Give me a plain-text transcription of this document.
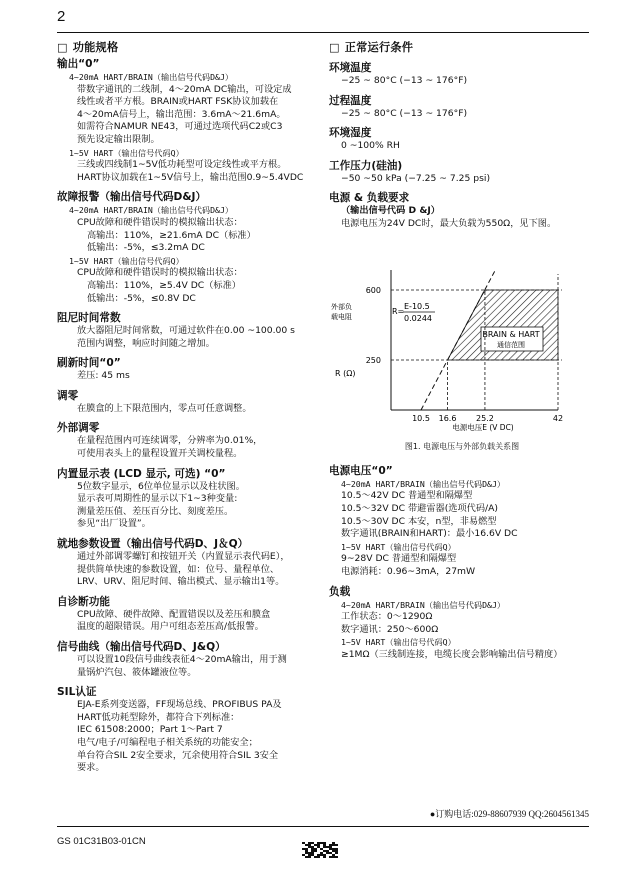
2
□ 功能规格
输出“0”
4~20mA HART/BRAIN（输出信号代码D&J）
带数字通讯的二线制，4～20mA DC输出，可设定成
线性或者平方根。BRAIN或HART FSK协议加载在
4～20mA信号上，输出范围：3.6mA～21.6mA。
如需符合NAMUR NE43，可通过选项代码C2或C3
预先设定输出限制。
1~5V HART（输出信号代码Q）
三线或四线制1~5V低功耗型可设定线性或平方根。
HART协议加载在1~5V信号上，输出范围0.9~5.4VDC
故障报警（输出信号代码D&J）
4~20mA HART/BRAIN（输出信号代码D&J）
CPU故障和硬件错误时的模拟输出状态：
高输出：110%，≥21.6mA DC（标准）
低输出：-5%，≤3.2mA DC
1~5V HART（输出信号代码Q）
CPU故障和硬件错误时的模拟输出状态：
高输出：110%，≥5.4V DC（标准）
低输出：-5%，≤0.8V DC
阻尼时间常数
放大器阻尼时间常数，可通过软件在0.00 ~100.00 s
范围内调整，响应时间随之增加。
刷新时间“0”
差压: 45 ms
调零
在膜盒的上下限范围内，零点可任意调整。
外部调零
在量程范围内可连续调零，分辨率为0.01%，
可使用表头上的量程设置开关调校量程。
内置显示表 (LCD 显示, 可选) “0”
5位数字显示，6位单位显示以及柱状图。
显示表可周期性的显示以下1~3种变量:
测量差压值、差压百分比、刻度差压。
参见“出厂设置”。
就地参数设置（输出信号代码D、J＆Q）
通过外部调零螺钉和按钮开关（内置显示表代码E），
提供简单快速的参数设置，如：位号、量程单位、
LRV、URV、阻尼时间、输出模式、显示输出1等。
自诊断功能
CPU故障、硬件故障、配置错误以及差压和膜盒
温度的超限错误。用户可组态差压高/低报警。
信号曲线（输出信号代码D、J&Q）
可以设置10段信号曲线表征4～20mA输出，用于测
量锅炉汽包、筱体罐液位等。
SIL认证
EJA-E系列变送器，FF现场总线、PROFIBUS PA及
HART低功耗型除外，都符合下列标准：
IEC 61508:2000；Part 1～Part 7
电气/电子/可编程电子相关系统的功能安全；
单台符合SIL 2安全要求，冗余使用符合SIL 3安全
要求。
□ 正常运行条件
环境温度
−25 ~ 80°C (−13 ~ 176°F)
过程温度
−25 ~ 80°C (−13 ~ 176°F)
环境湿度
0 ~100% RH
工作压力(硅油)
−50 ~50 kPa (−7.25 ~ 7.25 psi)
电源 & 负载要求
（输出信号代码 D &J）
电源电压为24V DC时，最大负载为550Ω，见下图。
250
600
10.5 16.6 25.2	42
外部负
载电阻
R (Ω)
R=
E-10.5
0.0244
BRAIN & HART
通信范围
电源电压E (V DC)
图1. 电源电压与外部负载关系图
电源电压“0”
4~20mA HART/BRAIN（输出信号代码D&J）
10.5～42V DC 普通型和隔爆型
10.5～32V DC 带避雷器(选项代码/A)
10.5～30V DC 本安，n型，非易燃型
数字通讯(BRAIN和HART)：最小16.6V DC
1~5V HART（输出信号代码Q）
9~28V DC 普通型和隔爆型
电源消耗：0.96~3mA，27mW
负载
4~20mA HART/BRAIN（输出信号代码D&J）
工作状态：0～1290Ω
数字通讯：250～600Ω
1~5V HART（输出信号代码Q）
≥1MΩ（三线制连接，电缆长度会影响输出信号精度）
●订购电话:029-88607939 QQ:2604561345
GS 01C31B03-01CN
